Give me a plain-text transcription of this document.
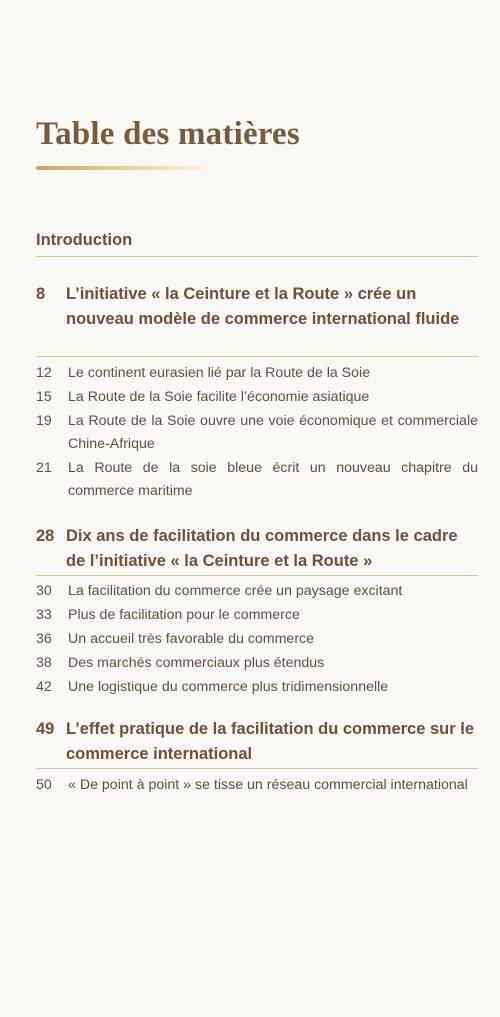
Table des matières
Introduction
8	L’initiative « la Ceinture et la Route » crée un nouveau modèle de commerce international fluide
12	Le continent eurasien lié par la Route de la Soie
15	La Route de la Soie facilite l’économie asiatique
19	La Route de la Soie ouvre une voie économique et commerciale Chine-Afrique
21	La Route de la soie bleue écrit un nouveau chapitre du commerce maritime
28 Dix ans de facilitation du commerce dans le cadre de l’initiative « la Ceinture et la Route »
30	La facilitation du commerce crée un paysage excitant
33	Plus de facilitation pour le commerce
36	Un accueil très favorable du commerce
38	Des marchés commerciaux plus étendus
42	Une logistique du commerce plus tridimensionnelle
49 L’effet pratique de la facilitation du commerce sur le commerce international
50	« De point à point » se tisse un réseau commercial international
